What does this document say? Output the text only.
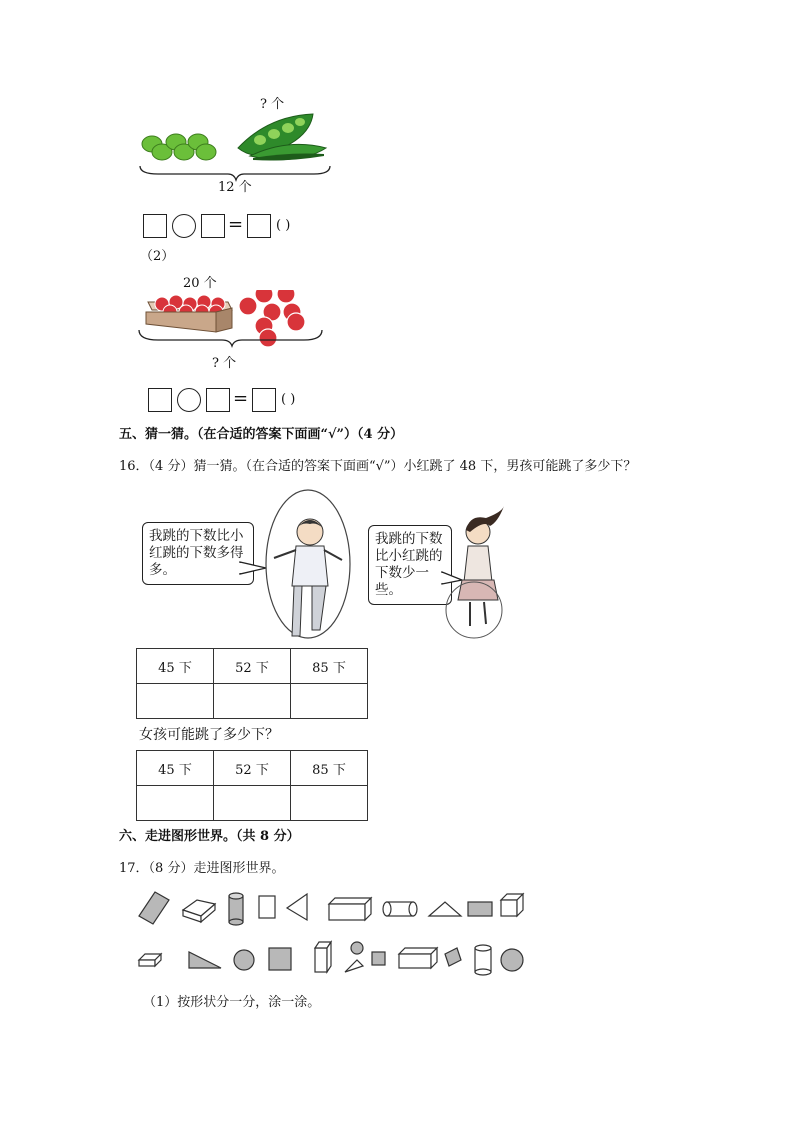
? 个
12 个
=	( )
（2）
20 个
? 个
=	( )
五、猜一猜。（在合适的答案下面画“√”）（4 分）
16．（4 分）猜一猜。（在合适的答案下面画“√”）小红跳了 48 下，男孩可能跳了多少下？
我跳的下数比小红跳的下数多得多。
我跳的下数比小红跳的下数少一些。
45 下	52 下	85 下

女孩可能跳了多少下？
45 下	52 下	85 下

六、走进图形世界。（共 8 分）
17．（8 分）走进图形世界。
（1）按形状分一分，涂一涂。
